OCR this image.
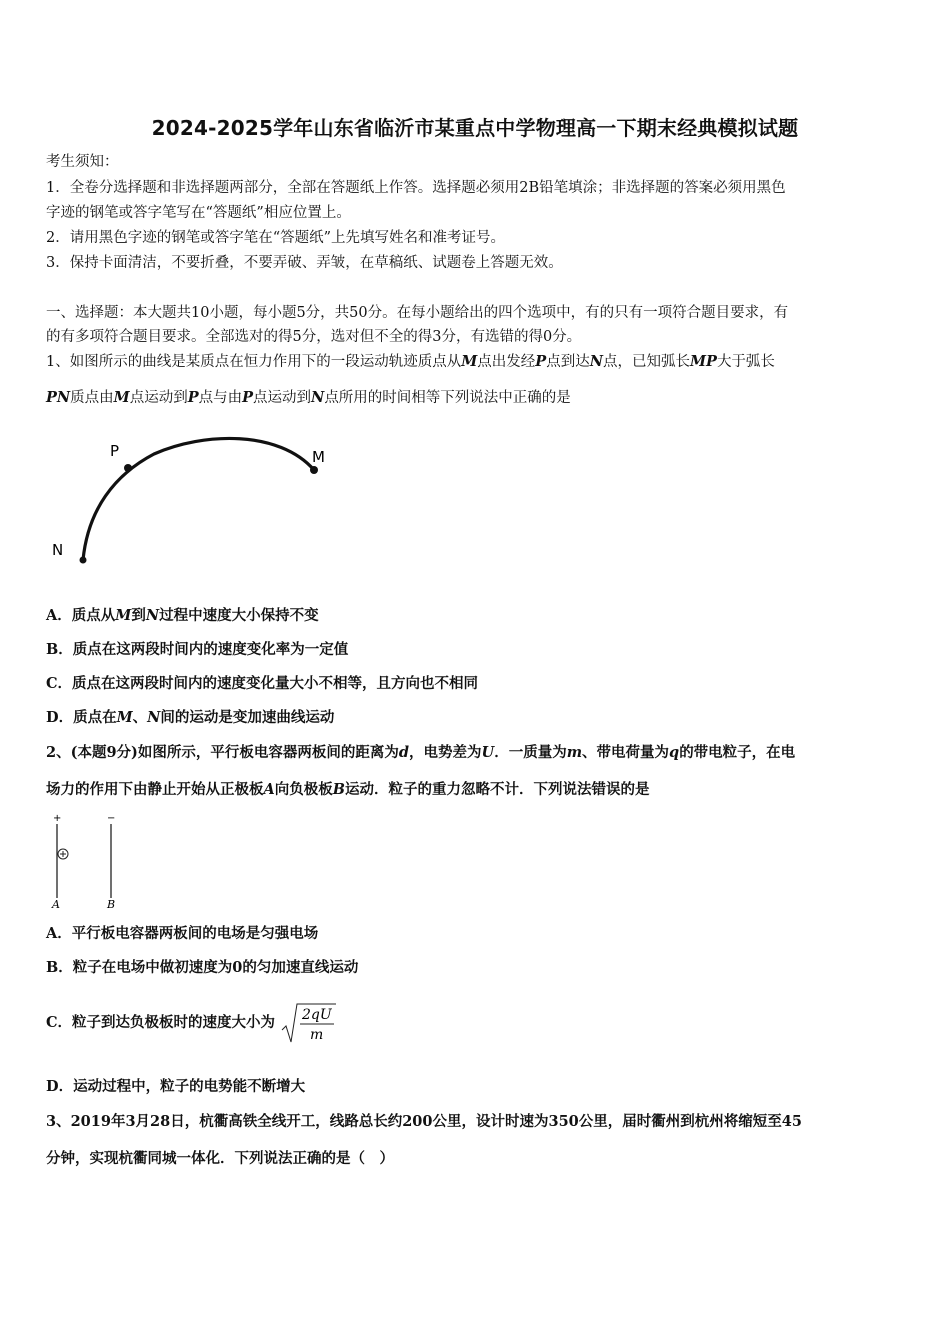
2024-2025学年山东省临沂市某重点中学物理高一下期末经典模拟试题
考生须知：
1．全卷分选择题和非选择题两部分，全部在答题纸上作答。选择题必须用2B铅笔填涂；非选择题的答案必须用黑色
字迹的钢笔或答字笔写在“答题纸”相应位置上。
2．请用黑色字迹的钢笔或答字笔在“答题纸”上先填写姓名和准考证号。
3．保持卡面清洁，不要折叠，不要弄破、弄皱，在草稿纸、试题卷上答题无效。
一、选择题：本大题共10小题，每小题5分，共50分。在每小题给出的四个选项中，有的只有一项符合题目要求，有
的有多项符合题目要求。全部选对的得5分，选对但不全的得3分，有选错的得0分。
1、如图所示的曲线是某质点在恒力作用下的一段运动轨迹质点从M点出发经P点到达N点，已知弧长MP大于弧长
PN质点由M点运动到P点与由P点运动到N点所用的时间相等下列说法中正确的是
P	M
N
A．质点从M到N过程中速度大小保持不变
B．质点在这两段时间内的速度变化率为一定值
C．质点在这两段时间内的速度变化量大小不相等，且方向也不相同
D．质点在M、N间的运动是变加速曲线运动
2、(本题9分)如图所示，平行板电容器两板间的距离为d，电势差为U．一质量为m、带电荷量为q的带电粒子，在电
场力的作用下由静止开始从正极板A向负极板B运动．粒子的重力忽略不计．下列说法错误的是
+	−
A	B
A．平行板电容器两板间的电场是匀强电场
B．粒子在电场中做初速度为0的匀加速直线运动
C．粒子到达负极板时的速度大小为 2qU
m
D．运动过程中，粒子的电势能不断增大
3、2019年3月28日，杭衢高铁全线开工，线路总长约200公里，设计时速为350公里，届时衢州到杭州将缩短至45
分钟，实现杭衢同城一体化．下列说法正确的是（　）
